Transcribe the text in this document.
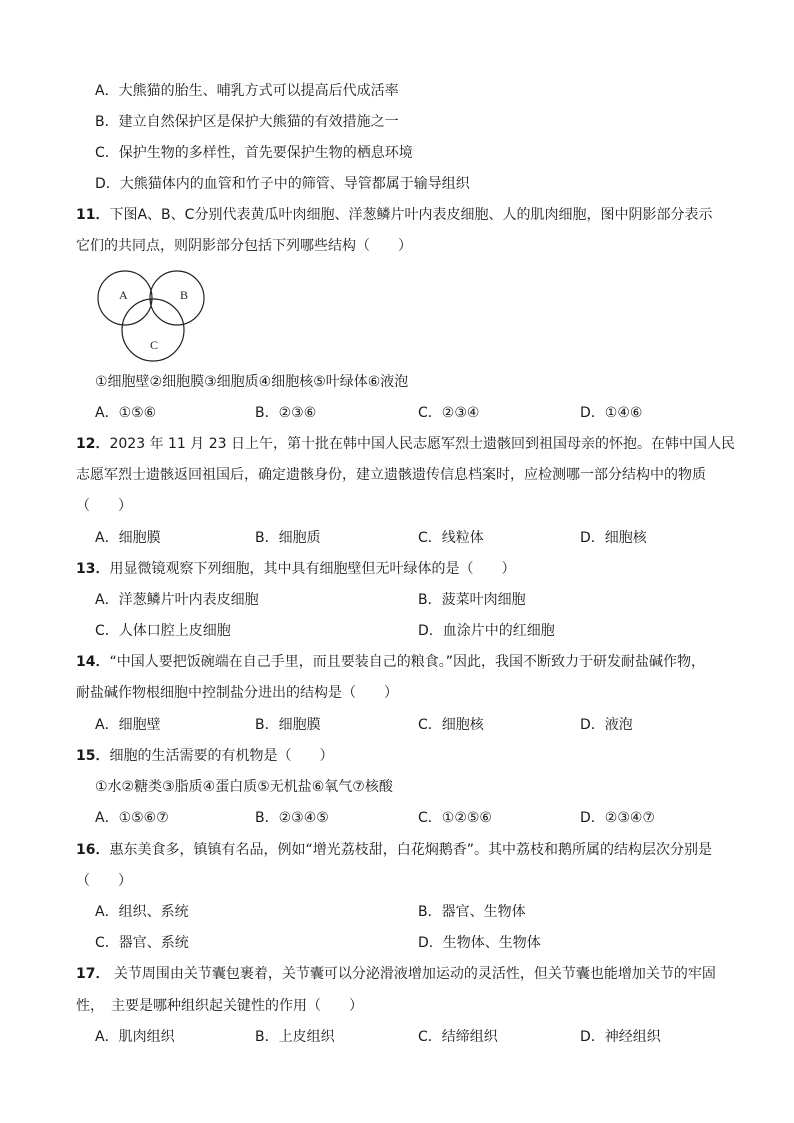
A．大熊猫的胎生、哺乳方式可以提高后代成活率
B．建立自然保护区是保护大熊猫的有效措施之一
C．保护生物的多样性，首先要保护生物的栖息环境
D．大熊猫体内的血管和竹子中的筛管、导管都属于输导组织
11．下图A、B、C分别代表黄瓜叶肉细胞、洋葱鳞片叶内表皮细胞、人的肌肉细胞，图中阴影部分表示
它们的共同点，则阴影部分包括下列哪些结构（　　）
A	B
C
①细胞壁②细胞膜③细胞质④细胞核⑤叶绿体⑥液泡
A．①⑤⑥	B．②③⑥	C．②③④	D．①④⑥
12．2023 年 11 月 23 日上午，第十批在韩中国人民志愿军烈士遗骸回到祖国母亲的怀抱。在韩中国人民
志愿军烈士遗骸返回祖国后，确定遗骸身份，建立遗骸遗传信息档案时，应检测哪一部分结构中的物质
（　　）
A．细胞膜	B．细胞质	C．线粒体	D．细胞核
13．用显微镜观察下列细胞，其中具有细胞壁但无叶绿体的是（　　）
A．洋葱鳞片叶内表皮细胞	B．菠菜叶肉细胞
C．人体口腔上皮细胞	D．血涂片中的红细胞
14．“中国人要把饭碗端在自己手里，而且要装自己的粮食。”因此，我国不断致力于研发耐盐碱作物，
耐盐碱作物根细胞中控制盐分进出的结构是（　　）
A．细胞壁	B．细胞膜	C．细胞核	D．液泡
15．细胞的生活需要的有机物是（　　）
①水②糖类③脂质④蛋白质⑤无机盐⑥氧气⑦核酸
A．①⑤⑥⑦	B．②③④⑤	C．①②⑤⑥	D．②③④⑦
16．惠东美食多，镇镇有名品，例如“增光荔枝甜，白花焖鹅香”。其中荔枝和鹅所属的结构层次分别是
（　　）
A．组织、系统	B．器官、生物体
C．器官、系统	D．生物体、生物体
17． 关节周围由关节囊包裹着，关节囊可以分泌滑液增加运动的灵活性，但关节囊也能增加关节的牢固
性，　主要是哪种组织起关键性的作用（　　）
A．肌肉组织	B．上皮组织	C．结缔组织	D．神经组织
